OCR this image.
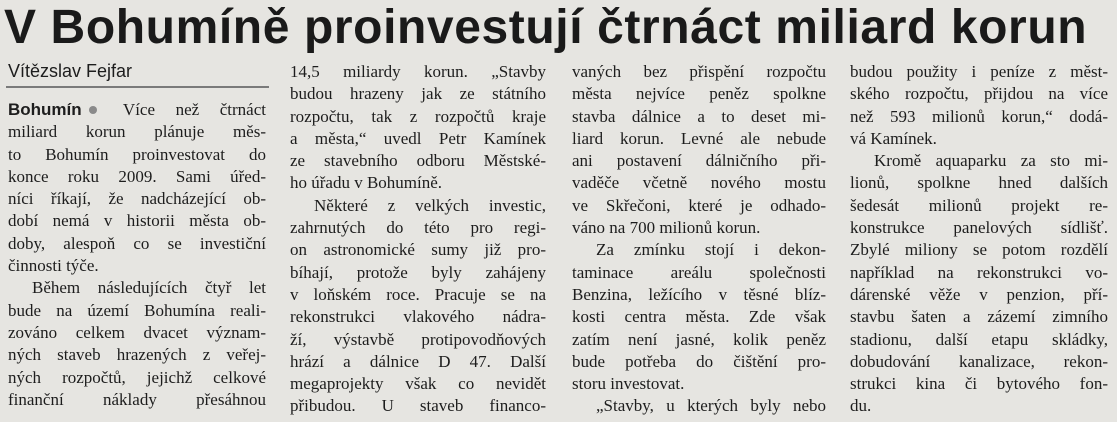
V Bohumíně proinvestují čtrnáct miliard korun
Vítězslav Fejfar
Bohumín Více než čtrnáct
miliard korun plánuje měs-
to Bohumín proinvestovat do
konce roku 2009. Sami úřed-
níci říkají, že nadcházející ob-
dobí nemá v historii města ob-
doby, alespoň co se investiční
činnosti týče.
Během následujících čtyř let
bude na území Bohumína reali-
zováno celkem dvacet význam-
ných staveb hrazených z veřej-
ných rozpočtů, jejichž celkové
finanční náklady přesáhnou
14,5 miliardy korun. „Stavby
budou hrazeny jak ze státního
rozpočtu, tak z rozpočtů kraje
a města,“ uvedl Petr Kamínek
ze stavebního odboru Městské-
ho úřadu v Bohumíně.
Některé z velkých investic,
zahrnutých do této pro regi-
on astronomické sumy již pro-
bíhají, protože byly zahájeny
v loňském roce. Pracuje se na
rekonstrukci vlakového nádra-
ží, výstavbě protipovodňových
hrází a dálnice D 47. Další
megaprojekty však co nevidět
přibudou. U staveb financo-
vaných bez přispění rozpočtu
města nejvíce peněz spolkne
stavba dálnice a to deset mi-
liard korun. Levné ale nebude
ani postavení dálničního při-
vaděče včetně nového mostu
ve Skřečoni, které je odhado-
váno na 700 milionů korun.
Za zmínku stojí i dekon-
taminace areálu společnosti
Benzina, ležícího v těsné blíz-
kosti centra města. Zde však
zatím není jasné, kolik peněz
bude potřeba do čištění pro-
storu investovat.
„Stavby, u kterých byly nebo
budou použity i peníze z měst-
ského rozpočtu, přijdou na více
než 593 milionů korun,“ dodá-
vá Kamínek.
Kromě aquaparku za sto mi-
lionů, spolkne hned dalších
šedesát milionů projekt re-
konstrukce panelových sídlišť.
Zbylé miliony se potom rozdělí
například na rekonstrukci vo-
dárenské věže v penzion, pří-
stavbu šaten a zázemí zimního
stadionu, další etapu skládky,
dobudování kanalizace, rekon-
strukci kina či bytového fon-
du.
